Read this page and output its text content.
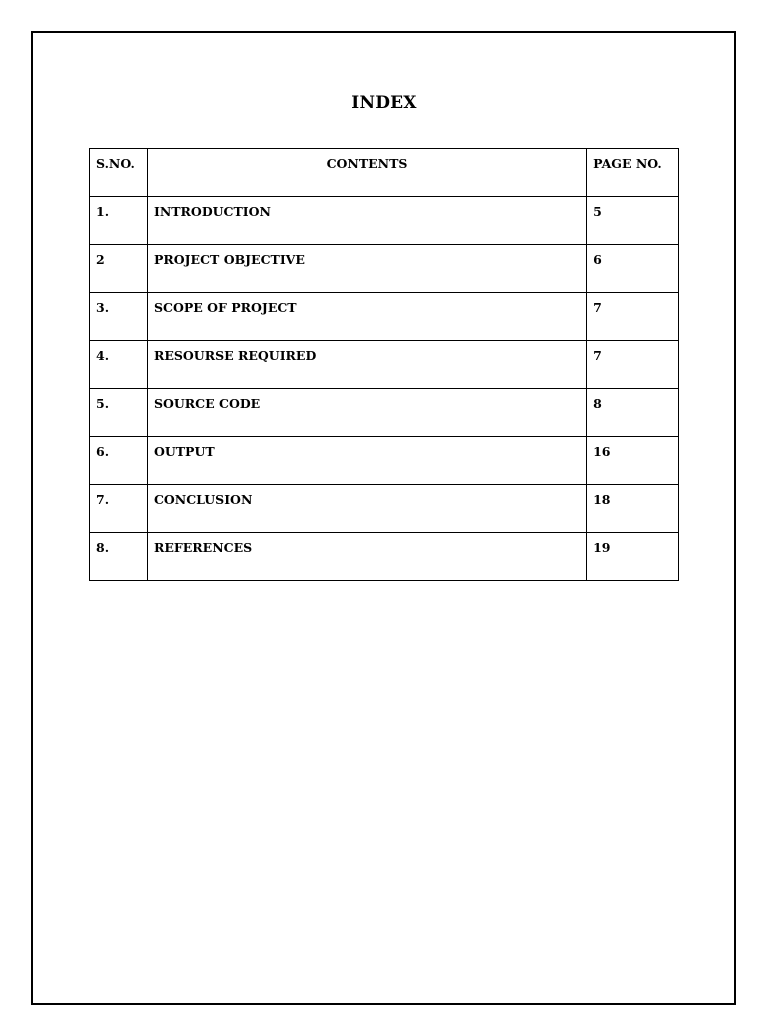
INDEX
S.NO.	CONTENTS	PAGE NO.
1.	INTRODUCTION	5
2	PROJECT OBJECTIVE	6
3.	SCOPE OF PROJECT	7
4.	RESOURSE REQUIRED	7
5.	SOURCE CODE	8
6.	OUTPUT	16
7.	CONCLUSION	18
8.	REFERENCES	19
